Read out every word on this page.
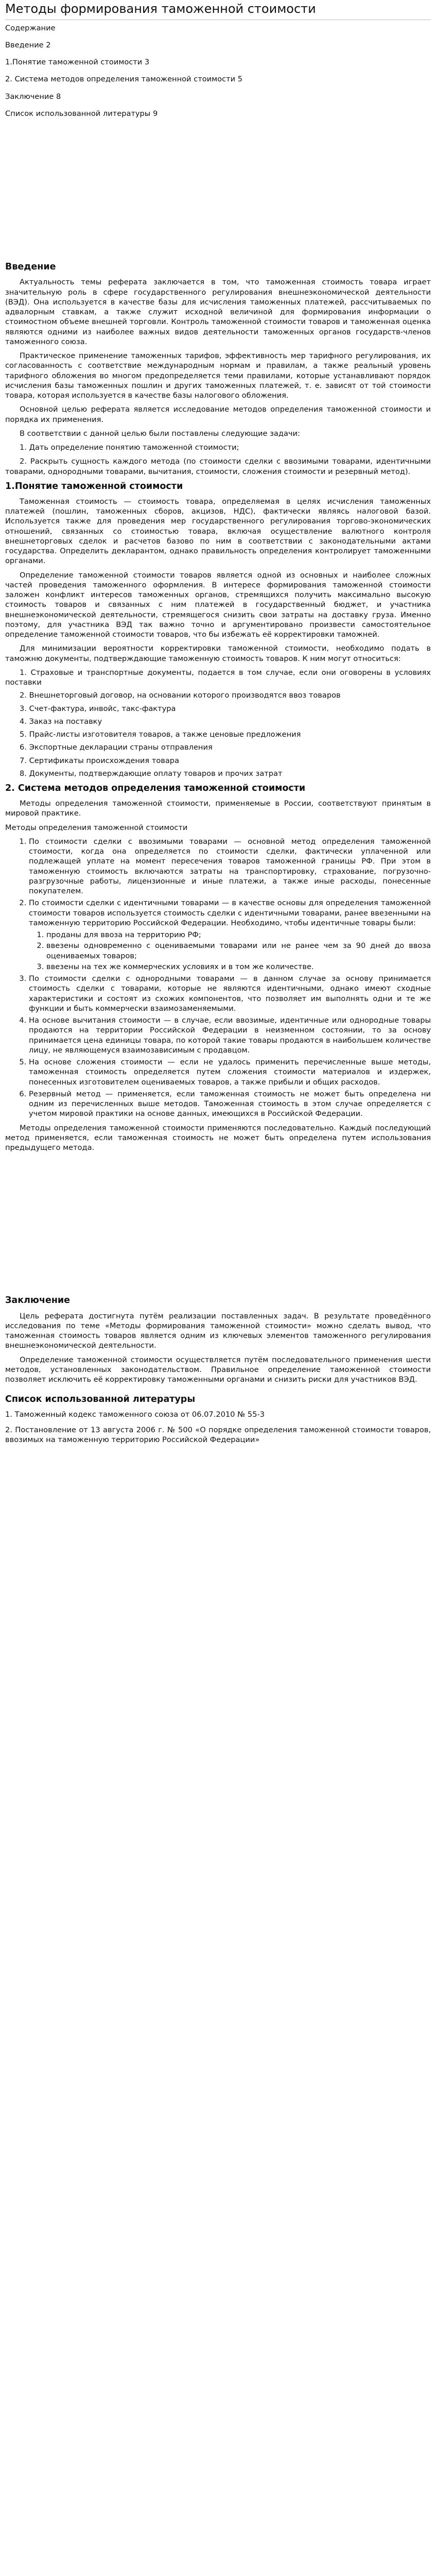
Методы формирования таможенной стоимости

Содержание

Введение 2

1.Понятие таможенной стоимости 3

2. Система методов определения таможенной стоимости 5

Заключение 8

Список использованной литературы 9

Введение

Актуальность темы реферата заключается в том, что таможенная стоимость товара играет значительную роль в сфере государственного регулирования внешнеэкономической деятельности (ВЭД). Она используется в качестве базы для исчисления таможенных платежей, рассчитываемых по адвалорным ставкам, а также служит исходной величиной для формирования информации о стоимостном объеме внешней торговли. Контроль таможенной стоимости товаров и таможенная оценка являются одними из наиболее важных видов деятельности таможенных органов государств-членов таможенного союза.

Практическое применение таможенных тарифов, эффективность мер тарифного регулирования, их согласованность с соответствие международным нормам и правилам, а также реальный уровень тарифного обложения во многом предопределяется теми правилами, которые устанавливают порядок исчисления базы таможенных пошлин и других таможенных платежей, т. е. зависят от той стоимости товара, которая используется в качестве базы налогового обложения.

Основной целью реферата является исследование методов определения таможенной стоимости и порядка их применения.

В соответствии с данной целью были поставлены следующие задачи:

1. Дать определение понятию таможенной стоимости;

2. Раскрыть сущность каждого метода (по стоимости сделки с ввозимыми товарами, идентичными товарами, однородными товарами, вычитания, стоимости, сложения стоимости и резервный метод).

1.Понятие таможенной стоимости

Таможенная стоимость — стоимость товара, определяемая в целях исчисления таможенных платежей (пошлин, таможенных сборов, акцизов, НДС), фактически являясь налоговой базой. Используется также для проведения мер государственного регулирования торгово-экономических отношений, связанных со стоимостью товара, включая осуществление валютного контроля внешнеторговых сделок и расчетов базово по ним в соответствии с законодательными актами государства. Определить декларантом, однако правильность определения контролирует таможенными органами.

Определение таможенной стоимости товаров является одной из основных и наиболее сложных частей проведения таможенного оформления. В интересе формирования таможенной стоимости заложен конфликт интересов таможенных органов, стремящихся получить максимально высокую стоимость товаров и связанных с ним платежей в государственный бюджет, и участника внешнеэкономической деятельности, стремящегося снизить свои затраты на доставку груза. Именно поэтому, для участника ВЭД так важно точно и аргументировано произвести самостоятельное определение таможенной стоимости товаров, что бы избежать её корректировки таможней.

Для минимизации вероятности корректировки таможенной стоимости, необходимо подать в таможню документы, подтверждающие таможенную стоимость товаров. К ним могут относиться:

1. Страховые и транспортные документы, подается в том случае, если они оговорены в условиях поставки

2. Внешнеторговый договор, на основании которого производятся ввоз товаров

3. Счет-фактура, инвойс, такс-фактура

4. Заказ на поставку

5. Прайс-листы изготовителя товаров, а также ценовые предложения

6. Экспортные декларации страны отправления

7. Сертификаты происхождения товара

8. Документы, подтверждающие оплату товаров и прочих затрат

2. Система методов определения таможенной стоимости

Методы определения таможенной стоимости, применяемые в России, соответствуют принятым в мировой практике.

Методы определения таможенной стоимости

1. По стоимости сделки с ввозимыми товарами — основной метод определения таможенной стоимости, когда она определяется по стоимости сделки, фактически уплаченной или подлежащей уплате на момент пересечения товаров таможенной границы РФ. При этом в таможенную стоимость включаются затраты на транспортировку, страхование, погрузочно-разгрузочные работы, лицензионные и иные платежи, а также иные расходы, понесенные покупателем.
2. По стоимости сделки с идентичными товарами — в качестве основы для определения таможенной стоимости товаров используется стоимость сделки с идентичными товарами, ранее ввезенными на таможенную территорию Российской Федерации. Необходимо, чтобы идентичные товары были:
1. проданы для ввоза на территорию РФ;
2. ввезены одновременно с оцениваемыми товарами или не ранее чем за 90 дней до ввоза оцениваемых товаров;
3. ввезены на тех же коммерческих условиях и в том же количестве.
3. По стоимости сделки с однородными товарами — в данном случае за основу принимается стоимость сделки с товарами, которые не являются идентичными, однако имеют сходные характеристики и состоят из схожих компонентов, что позволяет им выполнять одни и те же функции и быть коммерчески взаимозаменяемыми.
4. На основе вычитания стоимости — в случае, если ввозимые, идентичные или однородные товары продаются на территории Российской Федерации в неизменном состоянии, то за основу принимается цена единицы товара, по которой такие товары продаются в наибольшем количестве лицу, не являющемуся взаимозависимым с продавцом.
5. На основе сложения стоимости — если не удалось применить перечисленные выше методы, таможенная стоимость определяется путем сложения стоимости материалов и издержек, понесенных изготовителем оцениваемых товаров, а также прибыли и общих расходов.
6. Резервный метод — применяется, если таможенная стоимость не может быть определена ни одним из перечисленных выше методов. Таможенная стоимость в этом случае определяется с учетом мировой практики на основе данных, имеющихся в Российской Федерации.

Методы определения таможенной стоимости применяются последовательно. Каждый последующий метод применяется, если таможенная стоимость не может быть определена путем использования предыдущего метода.

Заключение

Цель реферата достигнута путём реализации поставленных задач. В результате проведённого исследования по теме «Методы формирования таможенной стоимости» можно сделать вывод, что таможенная стоимость товаров является одним из ключевых элементов таможенного регулирования внешнеэкономической деятельности.

Определение таможенной стоимости осуществляется путём последовательного применения шести методов, установленных законодательством. Правильное определение таможенной стоимости позволяет исключить её корректировку таможенными органами и снизить риски для участников ВЭД.

Список использованной литературы

1. Таможенный кодекс таможенного союза от 06.07.2010 № 55-3

2. Постановление от 13 августа 2006 г. № 500 «О порядке определения таможенной стоимости товаров, ввозимых на таможенную территорию Российской Федерации»
